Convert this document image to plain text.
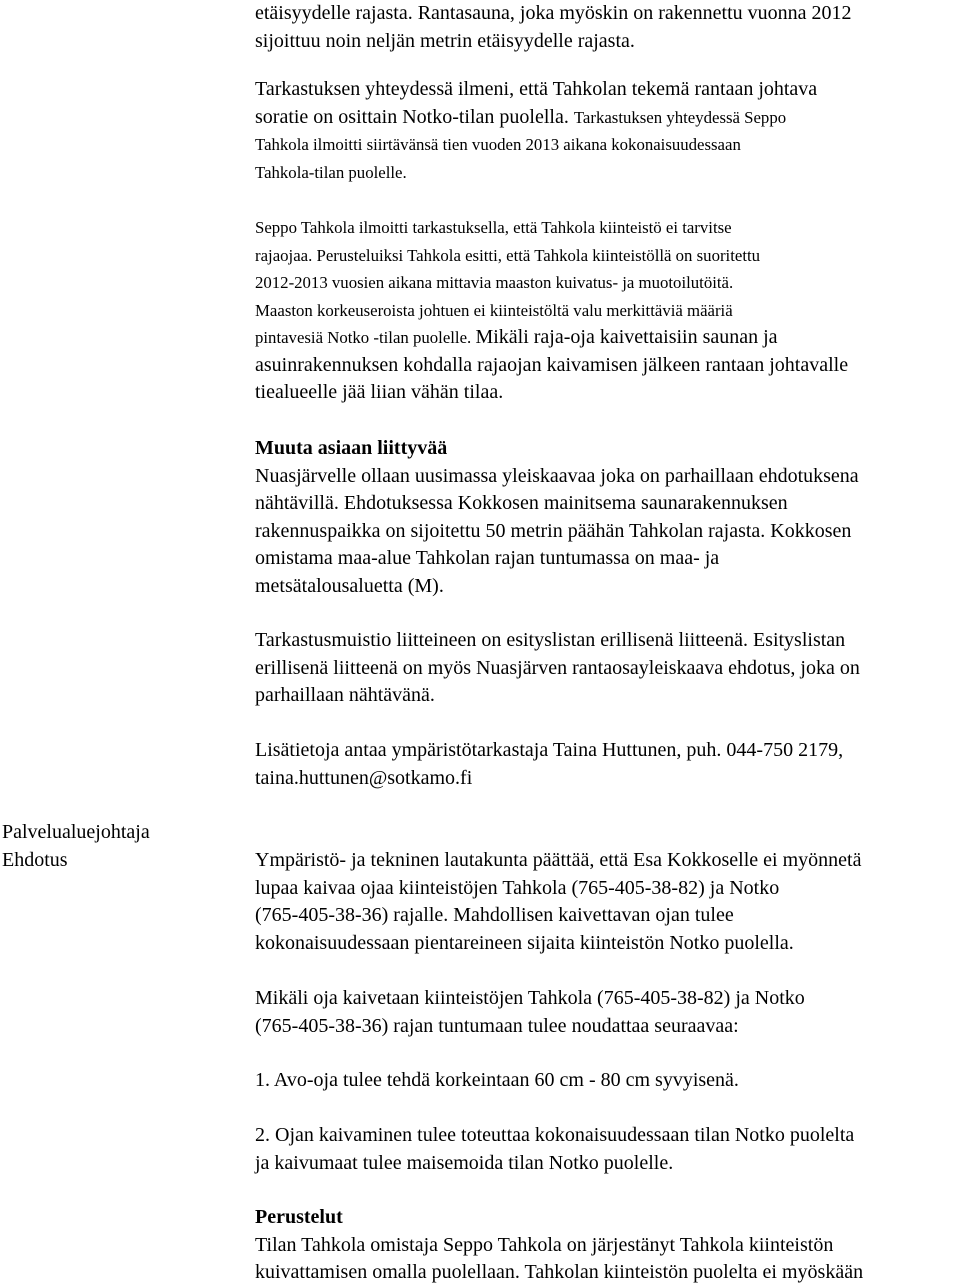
etäisyydelle rajasta. Rantasauna, joka myöskin on rakennettu vuonna 2012
sijoittuu noin neljän metrin etäisyydelle rajasta.
Tarkastuksen yhteydessä ilmeni, että Tahkolan tekemä rantaan johtava
soratie on osittain Notko-tilan puolella. Tarkastuksen yhteydessä Seppo
Tahkola ilmoitti siirtävänsä tien vuoden 2013 aikana kokonaisuudessaan
Tahkola-tilan puolelle.
Seppo Tahkola ilmoitti tarkastuksella, että Tahkola kiinteistö ei tarvitse
rajaojaa. Perusteluiksi Tahkola esitti, että Tahkola kiinteistöllä on suoritettu
2012-2013 vuosien aikana mittavia maaston kuivatus- ja muotoilutöitä.
Maaston korkeuseroista johtuen ei kiinteistöltä valu merkittäviä määriä
pintavesiä Notko -tilan puolelle. Mikäli raja-oja kaivettaisiin saunan ja
asuinrakennuksen kohdalla rajaojan kaivamisen jälkeen rantaan johtavalle
tiealueelle jää liian vähän tilaa.
Muuta asiaan liittyvää
Nuasjärvelle ollaan uusimassa yleiskaavaa joka on parhaillaan ehdotuksena
nähtävillä. Ehdotuksessa Kokkosen mainitsema saunarakennuksen
rakennuspaikka on sijoitettu 50 metrin päähän Tahkolan rajasta. Kokkosen
omistama maa-alue Tahkolan rajan tuntumassa on maa- ja
metsätalousaluetta (M).
Tarkastusmuistio liitteineen on esityslistan erillisenä liitteenä. Esityslistan
erillisenä liitteenä on myös Nuasjärven rantaosayleiskaava ehdotus, joka on
parhaillaan nähtävänä.
Lisätietoja antaa ympäristötarkastaja Taina Huttunen, puh. 044-750 2179,
taina.huttunen@sotkamo.fi
Ympäristö- ja tekninen lautakunta päättää, että Esa Kokkoselle ei myönnetä
lupaa kaivaa ojaa kiinteistöjen Tahkola (765-405-38-82) ja Notko
(765-405-38-36) rajalle. Mahdollisen kaivettavan ojan tulee
kokonaisuudessaan pientareineen sijaita kiinteistön Notko puolella.
Mikäli oja kaivetaan kiinteistöjen Tahkola (765-405-38-82) ja Notko
(765-405-38-36) rajan tuntumaan tulee noudattaa seuraavaa:
1. Avo-oja tulee tehdä korkeintaan 60 cm - 80 cm syvyisenä.
2. Ojan kaivaminen tulee toteuttaa kokonaisuudessaan tilan Notko puolelta
ja kaivumaat tulee maisemoida tilan Notko puolelle.
Perustelut
Tilan Tahkola omistaja Seppo Tahkola on järjestänyt Tahkola kiinteistön
kuivattamisen omalla puolellaan. Tahkolan kiinteistön puolelta ei myöskään
Palvelualuejohtaja
Ehdotus
